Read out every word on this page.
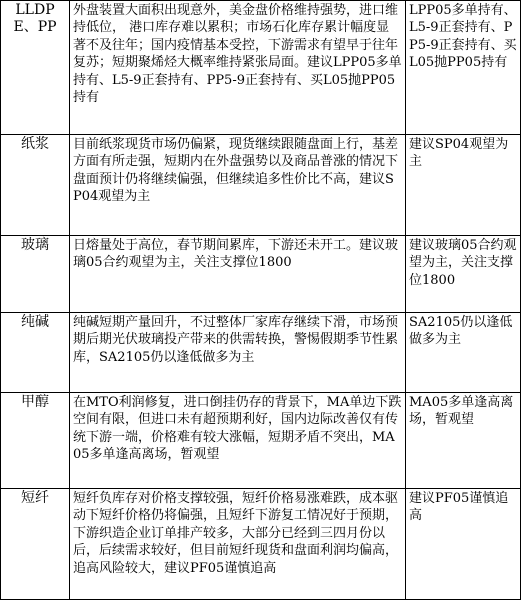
LLDPE、PP	外盘装置大面积出现意外，美金盘价格维持强势，进口维持低位， 港口库存难以累积；市场石化库存累计幅度显著不及往年；国内疫情基本受控，下游需求有望早于往年复苏；短期聚烯烃大概率维持紧张局面。建议LPP05多单持有、L5-9正套持有、PP5-9正套持有、买L05抛PP05持有	LPP05多单持有、L5-9正套持有、PP5-9正套持有、买L05抛PP05持有
纸浆	目前纸浆现货市场仍偏紧，现货继续跟随盘面上行，基差方面有所走强，短期内在外盘强势以及商品普涨的情况下盘面预计仍将继续偏强，但继续追多性价比不高，建议SP04观望为主	建议SP04观望为主
玻璃	日熔量处于高位，春节期间累库，下游还未开工。建议玻璃05合约观望为主，关注支撑位1800	建议玻璃05合约观望为主，关注支撑位1800
纯碱	纯碱短期产量回升，不过整体厂家库存继续下滑，市场预期后期光伏玻璃投产带来的供需转换，警惕假期季节性累库，SA2105仍以逢低做多为主	SA2105仍以逢低做多为主
甲醇	在MTO利润修复，进口倒挂仍存的背景下，MA单边下跌空间有限，但进口未有超预期利好，国内边际改善仅有传统下游一端，价格难有较大涨幅，短期矛盾不突出，MA05多单逢高离场，暂观望	MA05多单逢高离场，暂观望
短纤	短纤负库存对价格支撑较强，短纤价格易涨难跌，成本驱动下短纤价格仍将偏强，且短纤下游复工情况好于预期，下游织造企业订单排产较多，大部分已经到三四月份以后，后续需求较好，但目前短纤现货和盘面利润均偏高，追高风险较大，建议PF05谨慎追高	建议PF05谨慎追高
